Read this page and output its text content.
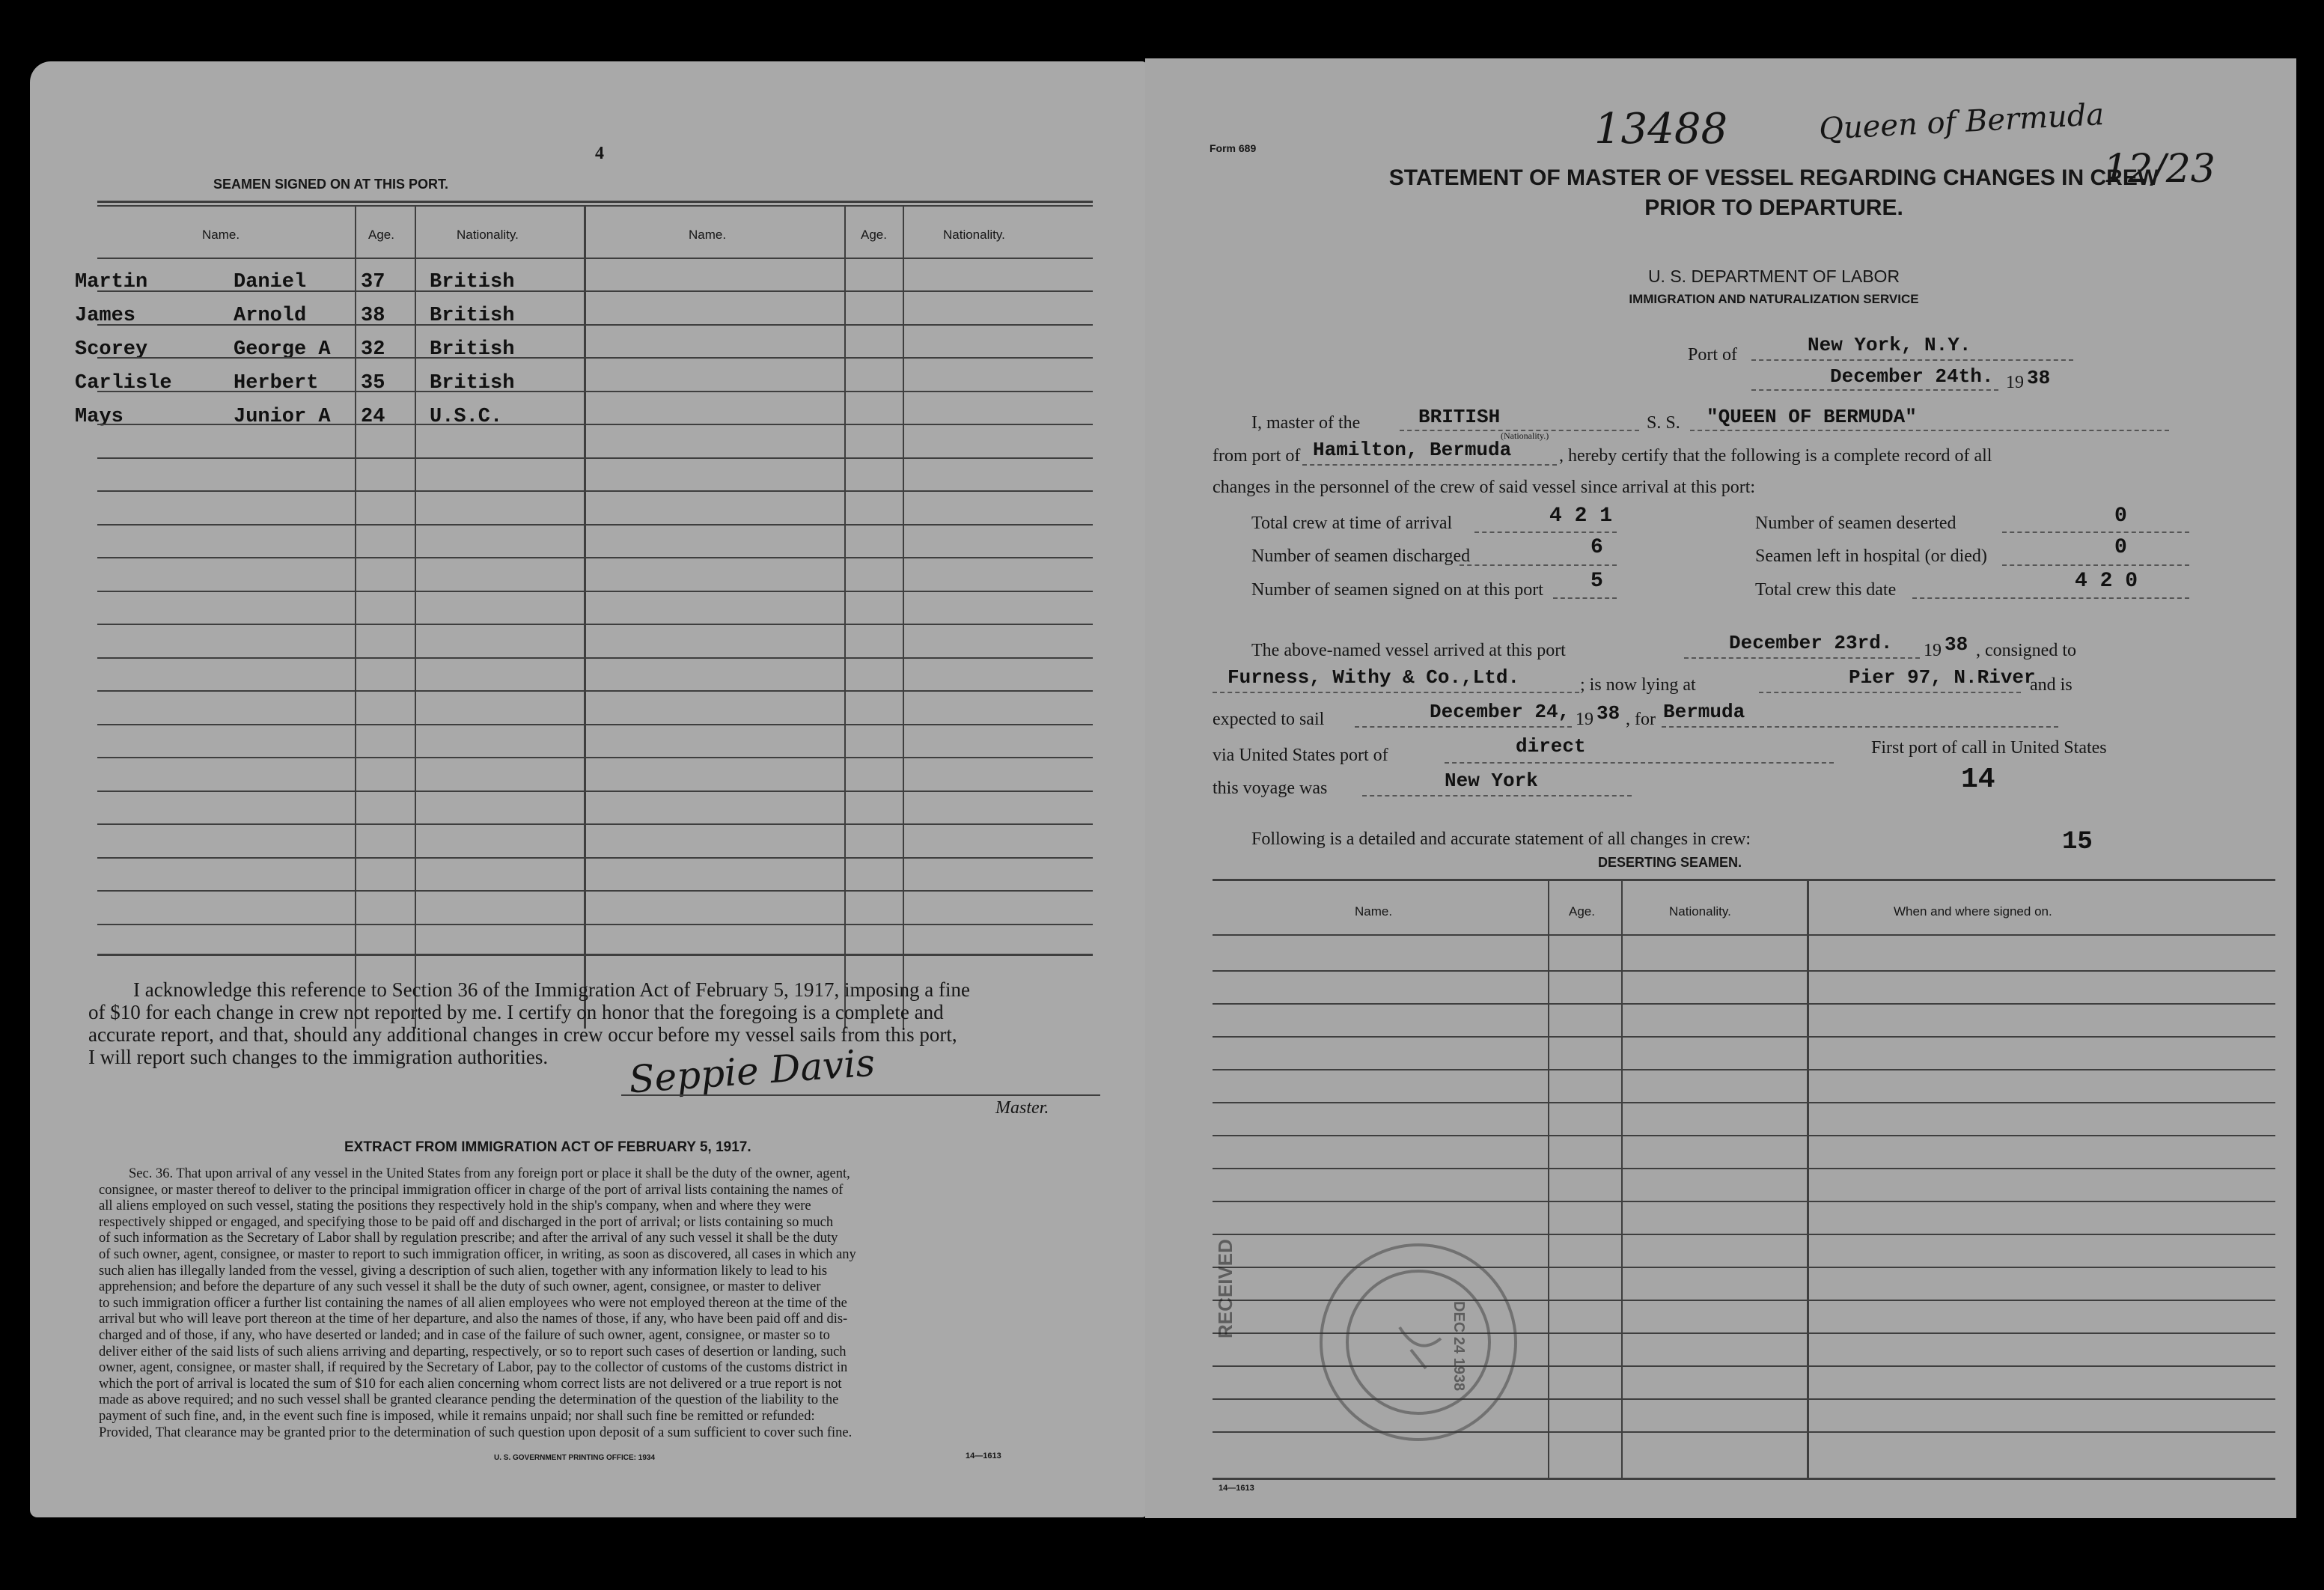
4
SEAMEN SIGNED ON AT THIS PORT.
Name.	Age.	Nationality.	Name.	Age.	Nationality.
Martin	Daniel	37 British
James	Arnold	38 British
Scorey	George A 32 British
Carlisle	Herbert 35 British
Mays	Junior A 24 U.S.C.
I acknowledge this reference to Section 36 of the Immigration Act of February 5, 1917, imposing a fine
of $10 for each change in crew not reported by me. I certify on honor that the foregoing is a complete and
accurate report, and that, should any additional changes in crew occur before my vessel sails from this port,
I will report such changes to the immigration authorities.	Seppie Davis
Master.
EXTRACT FROM IMMIGRATION ACT OF FEBRUARY 5, 1917.
Sec. 36. That upon arrival of any vessel in the United States from any foreign port or place it shall be the duty of the owner, agent,
consignee, or master thereof to deliver to the principal immigration officer in charge of the port of arrival lists containing the names of
all aliens employed on such vessel, stating the positions they respectively hold in the ship's company, when and where they were
respectively shipped or engaged, and specifying those to be paid off and discharged in the port of arrival; or lists containing so much
of such information as the Secretary of Labor shall by regulation prescribe; and after the arrival of any such vessel it shall be the duty
of such owner, agent, consignee, or master to report to such immigration officer, in writing, as soon as discovered, all cases in which any
such alien has illegally landed from the vessel, giving a description of such alien, together with any information likely to lead to his
apprehension; and before the departure of any such vessel it shall be the duty of such owner, agent, consignee, or master to deliver
to such immigration officer a further list containing the names of all alien employees who were not employed thereon at the time of the
arrival but who will leave port thereon at the time of her departure, and also the names of those, if any, who have been paid off and dis-
charged and of those, if any, who have deserted or landed; and in case of the failure of such owner, agent, consignee, or master so to
deliver either of the said lists of such aliens arriving and departing, respectively, or so to report such cases of desertion or landing, such
owner, agent, consignee, or master shall, if required by the Secretary of Labor, pay to the collector of customs of the customs district in
which the port of arrival is located the sum of $10 for each alien concerning whom correct lists are not delivered or a true report is not
made as above required; and no such vessel shall be granted clearance pending the determination of the question of the liability to the
payment of such fine, and, in the event such fine is imposed, while it remains unpaid; nor shall such fine be remitted or refunded:
Provided, That clearance may be granted prior to the determination of such question upon deposit of a sum sufficient to cover such fine.
U. S. GOVERNMENT PRINTING OFFICE: 1934	14—1613
Form 689	13488	Queen of Bermuda
12/23
STATEMENT OF MASTER OF VESSEL REGARDING CHANGES IN CREW
PRIOR TO DEPARTURE.
U. S. DEPARTMENT OF LABOR
IMMIGRATION AND NATURALIZATION SERVICE
Port of	New York, N.Y.
December 24th. 19 38
I, master of the	BRITISH	S. S. "QUEEN OF BERMUDA"
from port of Hamilton, Bermuda
(Nationality.)
, hereby certify that the following is a complete record of all
changes in the personnel of the crew of said vessel since arrival at this port:
Total crew at time of arrival	4 2 1
Number of seamen discharged	6
Number of seamen signed on at this port 5
Number of seamen deserted	0
Seamen left in hospital (or died)	0
Total crew this date	4 2 0
The above-named vessel arrived at this port	December 23rd. 19 38 , consigned to
Furness, Withy & Co.,Ltd.	; is now lying at	Pier 97, N.River
and is
expected to sail	December 24, 19 38 , for Bermuda
via United States port of	direct	First port of call in United States
this voyage was	New York	14
Following is a detailed and accurate statement of all changes in crew:	15
DESERTING SEAMEN.
Name.	Age.	Nationality.	When and where signed on.
RECEIVED
DEC 24 1938
14—1613
